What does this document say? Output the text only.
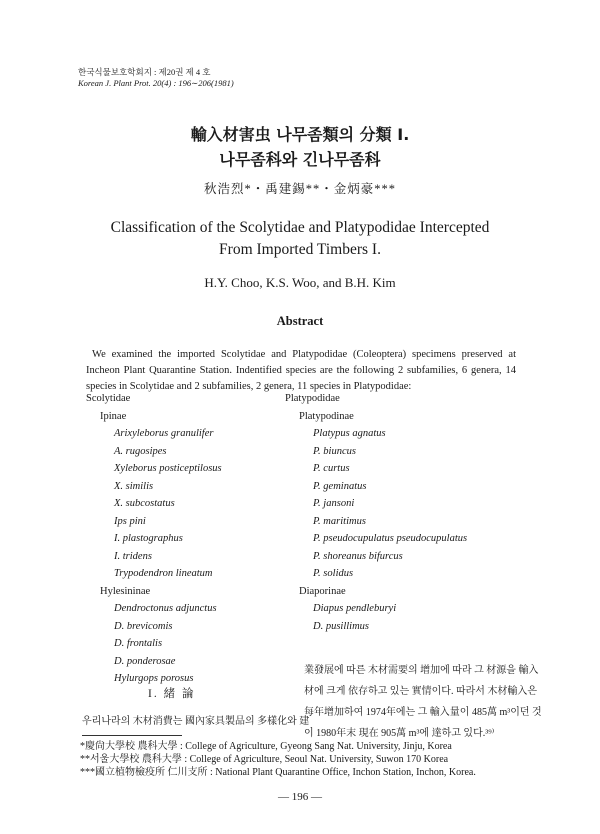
한국식물보호학회지 : 제20권 제 4 호
Korean J. Plant Prot. 20(4) : 196∼206(1981)
輸入材害虫 나무좀類의 分類 I.
나무좀科와 긴나무좀科
秋浩烈*・禹建錫**・金炳豪***
Classification of the Scolytidae and Platypodidae Intercepted
From Imported Timbers I.
H.Y. Choo, K.S. Woo, and B.H. Kim
Abstract
We examined the imported Scolytidae and Platypodidae (Coleoptera) specimens preserved at Incheon Plant Quarantine Station. Indentified species are the following 2 subfamilies, 6 genera, 14 species in Scolytidae and 2 subfamilies, 2 genera, 11 species in Platypodidae:
Scolytidae
Ipinae
Arixyleborus granulifer
A. rugosipes
Xyleborus posticeptilosus
X. similis
X. subcostatus
Ips pini
I. plastographus
I. tridens
Trypodendron lineatum
Hylesininae
Dendroctonus adjunctus
D. brevicomis
D. frontalis
D. ponderosae
Hylurgops porosus
Platypodidae
Platypodinae
Platypus agnatus
P. biuncus
P. curtus
P. geminatus
P. jansoni
P. maritimus
P. pseudocupulatus pseudocupulatus
P. shoreanus bifurcus
P. solidus
Diaporinae
Diapus pendleburyi
D. pusillimus
I. 緒 論
우리나라의 木材消費는 國內家具製品의 多樣化와 建
業發展에 따른 木材需要의 增加에 따라 그 材源을 輸入材에 크게 依存하고 있는 實情이다. 따라서 木材輸入은 每年增加하여 1974年에는 그 輸入量이 485萬 m³이던 것이 1980年末 現在 905萬 m³에 達하고 있다.³⁹⁾
*慶尙大學校 農科大學 : College of Agriculture, Gyeong Sang Nat. University, Jinju, Korea
**서울大學校 農科大學 : College of Agriculture, Seoul Nat. University, Suwon 170 Korea
***國立植物檢疫所 仁川支所 : National Plant Quarantine Office, Inchon Station, Inchon, Korea.
— 196 —
